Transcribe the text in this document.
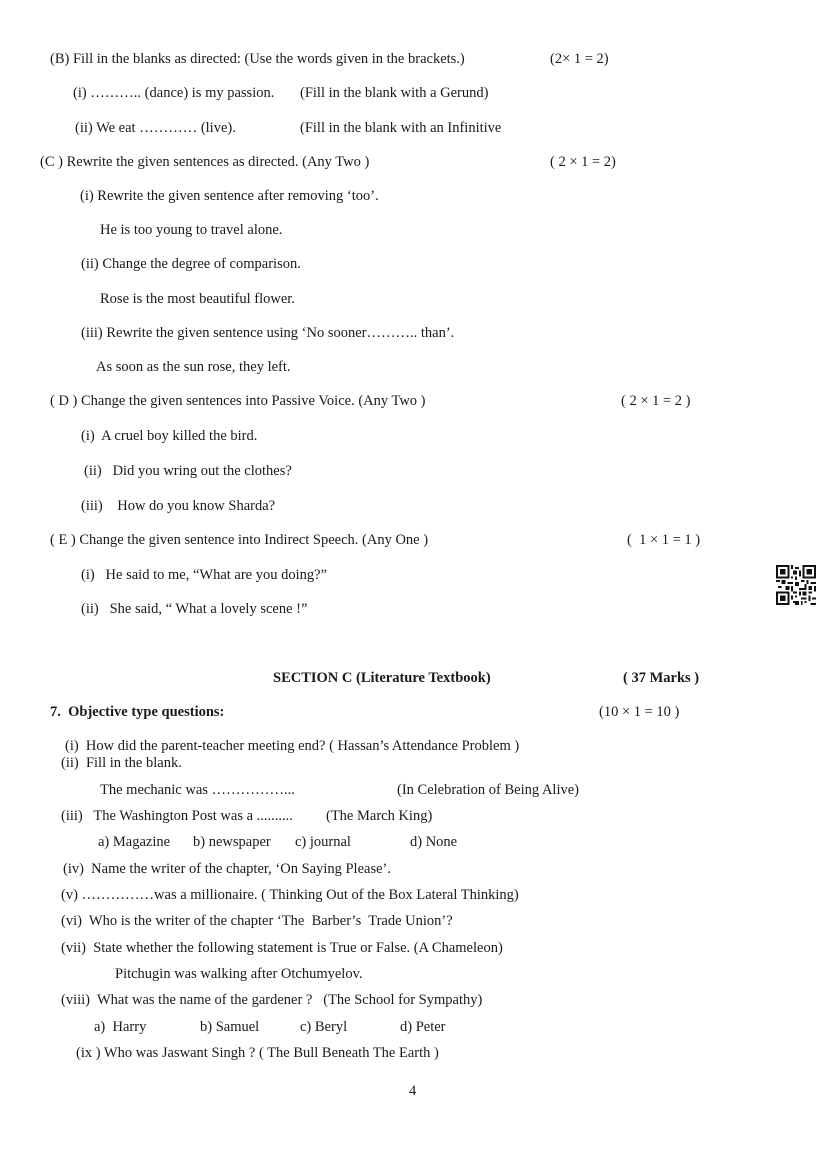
(B) Fill in the blanks as directed: (Use the words given in the brackets.)	(2× 1 = 2)
(i) ……….. (dance) is my passion. (Fill in the blank with a Gerund)
(ii) We eat ………… (live).	(Fill in the blank with an Infinitive
(C ) Rewrite the given sentences as directed. (Any Two )	( 2 × 1 = 2)
(i) Rewrite the given sentence after removing ‘too’.
He is too young to travel alone.
(ii) Change the degree of comparison.
Rose is the most beautiful flower.
(iii) Rewrite the given sentence using ‘No sooner……….. than’.
As soon as the sun rose, they left.
( D ) Change the given sentences into Passive Voice. (Any Two )	( 2 × 1 = 2 )
(i)  A cruel boy killed the bird.
(ii)   Did you wring out the clothes?
(iii)    How do you know Sharda?
( E ) Change the given sentence into Indirect Speech. (Any One )	(  1 × 1 = 1 )
(i)   He said to me, “What are you doing?”
(ii)   She said, “ What a lovely scene !”
SECTION C (Literature Textbook)	( 37 Marks )
7.  Objective type questions:	(10 × 1 = 10 )
(i)  How did the parent-teacher meeting end? ( Hassan’s Attendance Problem )
(ii)  Fill in the blank.
The mechanic was ……………...	(In Celebration of Being Alive)
(iii)   The Washington Post was a .......... (The March King)
a) Magazine b) newspaper c) journal	d) None
(iv)  Name the writer of the chapter, ‘On Saying Please’.
(v) ……………was a millionaire. ( Thinking Out of the Box Lateral Thinking)
(vi)  Who is the writer of the chapter ‘The  Barber’s  Trade Union’?
(vii)  State whether the following statement is True or False. (A Chameleon)
Pitchugin was walking after Otchumyelov.
(viii)  What was the name of the gardener ?   (The School for Sympathy)
a)  Harry	b) Samuel	c) Beryl	d) Peter
(ix ) Who was Jaswant Singh ? ( The Bull Beneath The Earth )
4
